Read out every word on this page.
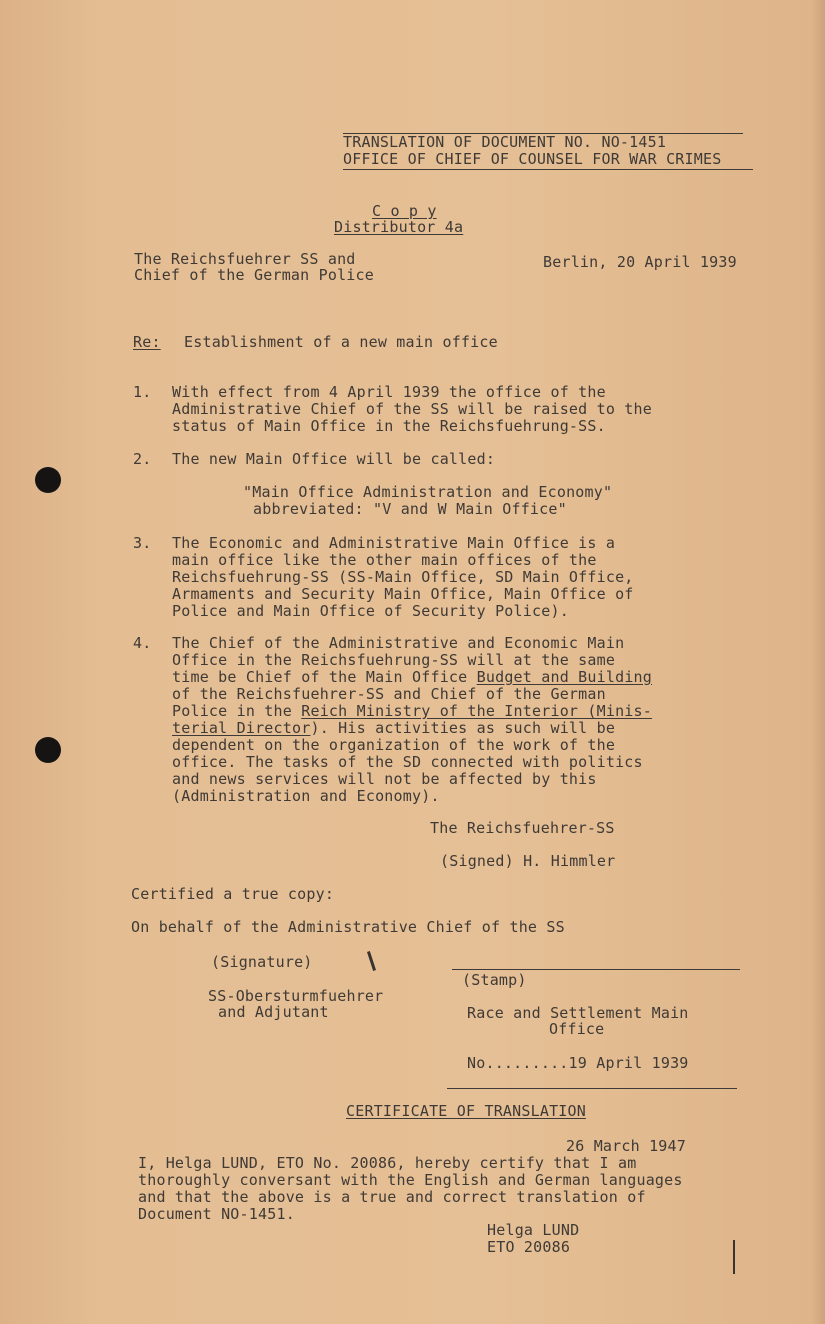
TRANSLATION OF DOCUMENT NO. NO-1451
OFFICE OF CHIEF OF COUNSEL FOR WAR CRIMES
C o p y
Distributor 4a
The Reichsfuehrer SS and
Chief of the German Police
Berlin, 20 April 1939
Re: Establishment of a new main office
1. With effect from 4 April 1939 the office of the
Administrative Chief of the SS will be raised to the
status of Main Office in the Reichsfuehrung-SS.
2. The new Main Office will be called:
"Main Office Administration and Economy"
abbreviated: "V and W Main Office"
3. The Economic and Administrative Main Office is a
main office like the other main offices of the
Reichsfuehrung-SS (SS-Main Office, SD Main Office,
Armaments and Security Main Office, Main Office of
Police and Main Office of Security Police).
4. The Chief of the Administrative and Economic Main
Office in the Reichsfuehrung-SS will at the same
time be Chief of the Main Office Budget and Building
of the Reichsfuehrer-SS and Chief of the German
Police in the Reich Ministry of the Interior (Minis-
terial Director). His activities as such will be
dependent on the organization of the work of the
office. The tasks of the SD connected with politics
and news services will not be affected by this
(Administration and Economy).
The Reichsfuehrer-SS
(Signed) H. Himmler
Certified a true copy:
On behalf of the Administrative Chief of the SS
(Signature)
SS-Obersturmfuehrer
and Adjutant
(Stamp)
Race and Settlement Main
Office
No.........19 April 1939
CERTIFICATE OF TRANSLATION
26 March 1947
I, Helga LUND, ETO No. 20086, hereby certify that I am
thoroughly conversant with the English and German languages
and that the above is a true and correct translation of
Document NO-1451.
Helga LUND
ETO 20086
